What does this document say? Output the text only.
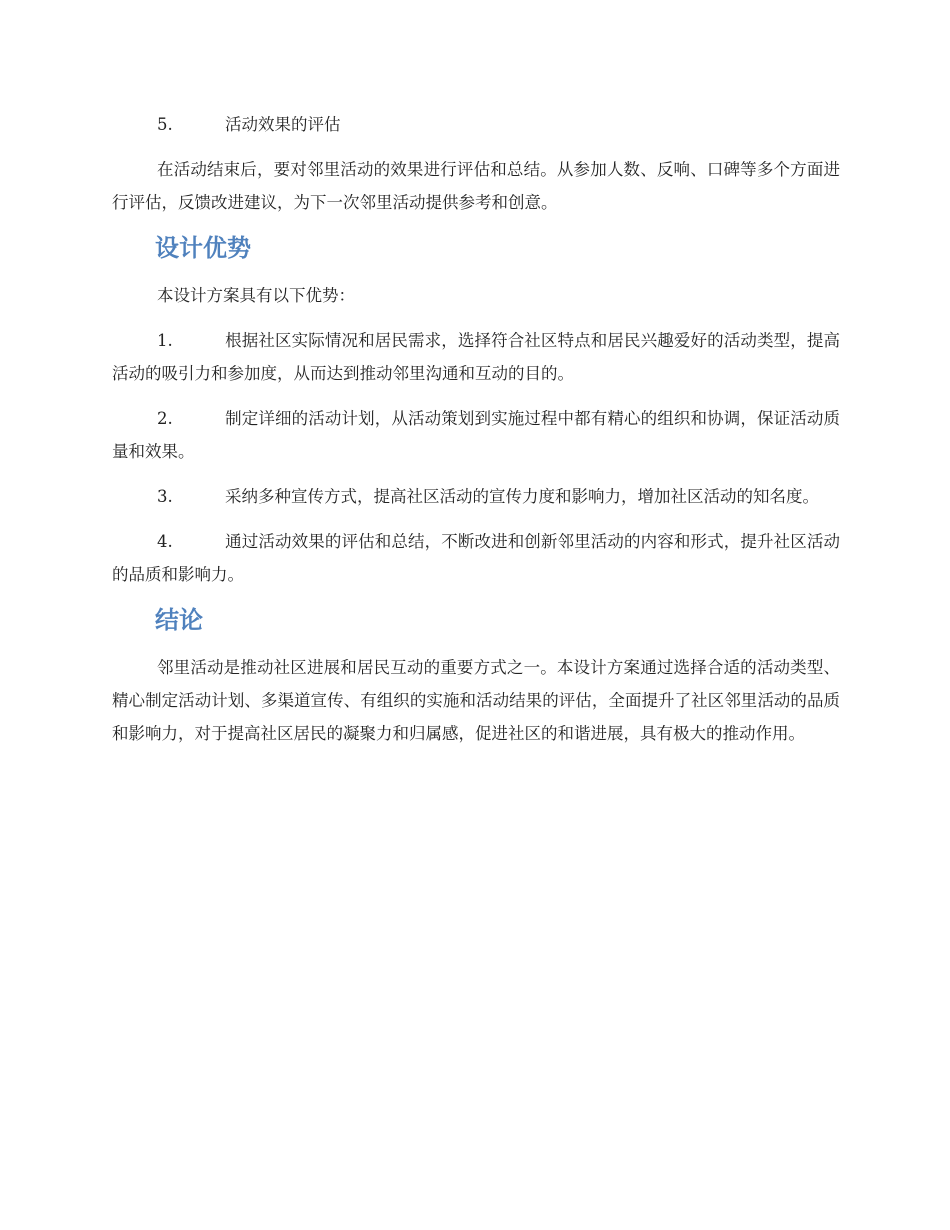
5.	活动效果的评估

在活动结束后，要对邻里活动的效果进行评估和总结。从参加人数、反响、口碑等多个方面进行评估，反馈改进建议，为下一次邻里活动提供参考和创意。

设计优势

本设计方案具有以下优势：

1.	根据社区实际情况和居民需求，选择符合社区特点和居民兴趣爱好的活动类型，提高活动的吸引力和参加度，从而达到推动邻里沟通和互动的目的。

2.	制定详细的活动计划，从活动策划到实施过程中都有精心的组织和协调，保证活动质量和效果。

3.	采纳多种宣传方式，提高社区活动的宣传力度和影响力，增加社区活动的知名度。

4.	通过活动效果的评估和总结，不断改进和创新邻里活动的内容和形式，提升社区活动的品质和影响力。

结论

邻里活动是推动社区进展和居民互动的重要方式之一。本设计方案通过选择合适的活动类型、精心制定活动计划、多渠道宣传、有组织的实施和活动结果的评估，全面提升了社区邻里活动的品质和影响力，对于提高社区居民的凝聚力和归属感，促进社区的和谐进展，具有极大的推动作用。
